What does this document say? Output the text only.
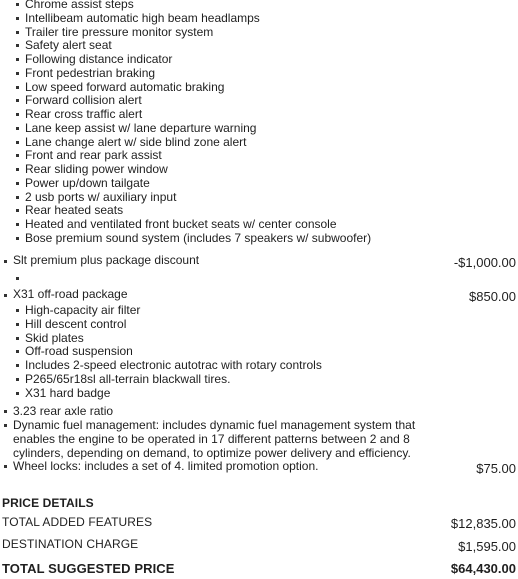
Chrome assist steps
Intellibeam automatic high beam headlamps
Trailer tire pressure monitor system
Safety alert seat
Following distance indicator
Front pedestrian braking
Low speed forward automatic braking
Forward collision alert
Rear cross traffic alert
Lane keep assist w/ lane departure warning
Lane change alert w/ side blind zone alert
Front and rear park assist
Rear sliding power window
Power up/down tailgate
2 usb ports w/ auxiliary input
Rear heated seats
Heated and ventilated front bucket seats w/ center console
Bose premium sound system (includes 7 speakers w/ subwoofer)
Slt premium plus package discount	-$1,000.00
X31 off-road package	$850.00
High-capacity air filter
Hill descent control
Skid plates
Off-road suspension
Includes 2-speed electronic autotrac with rotary controls
P265/65r18sl all-terrain blackwall tires.
X31 hard badge
3.23 rear axle ratio
Dynamic fuel management: includes dynamic fuel management system that enables the engine to be operated in 17 different patterns between 2 and 8 cylinders, depending on demand, to optimize power delivery and efficiency.
Wheel locks: includes a set of 4. limited promotion option.	$75.00
PRICE DETAILS
TOTAL ADDED FEATURES	$12,835.00
DESTINATION CHARGE	$1,595.00
TOTAL SUGGESTED PRICE	$64,430.00
